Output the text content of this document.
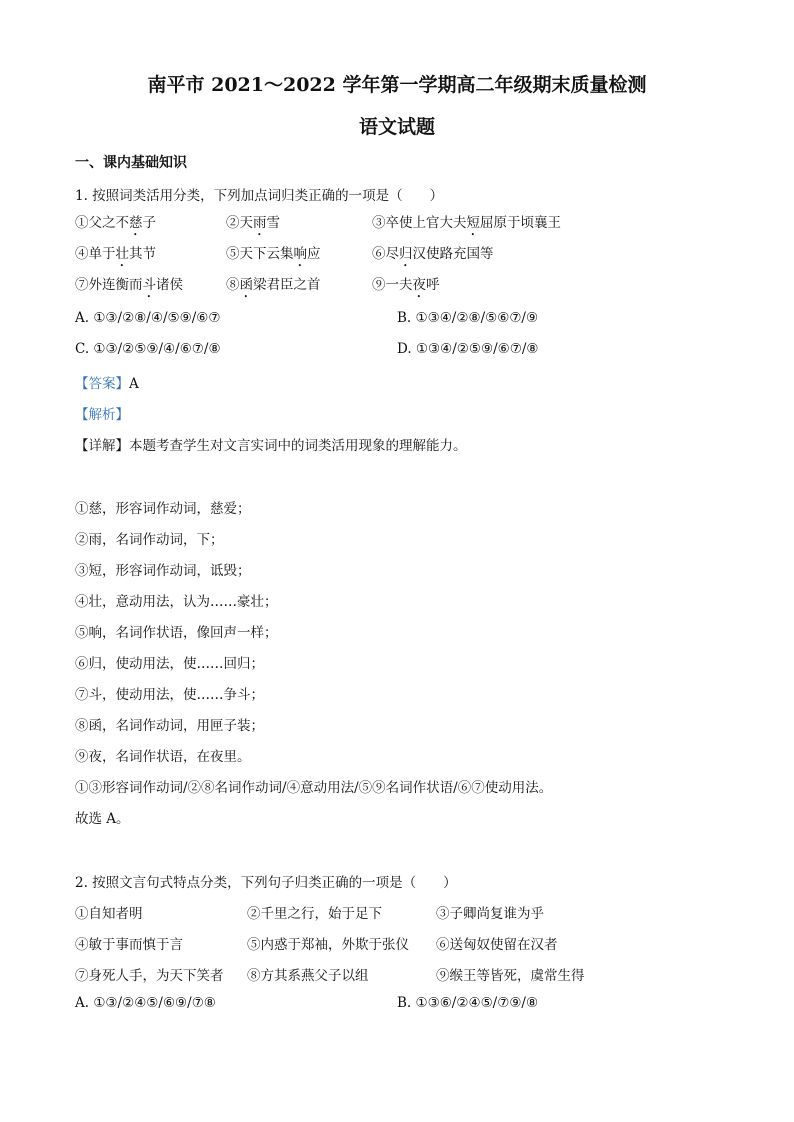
南平市 2021～2022 学年第一学期高二年级期末质量检测
语文试题
一、课内基础知识
1. 按照词类活用分类，下列加点词归类正确的一项是（　　）
①父之不慈子	②天雨雪	③卒使上官大夫短屈原于顷襄王
④单于壮其节	⑤天下云集响应	⑥尽归汉使路充国等
⑦外连衡而斗诸侯	⑧函梁君臣之首	⑨一夫夜呼
A. ①③/②⑧/④/⑤⑨/⑥⑦	B. ①③④/②⑧/⑤⑥⑦/⑨
C. ①③/②⑤⑨/④/⑥⑦/⑧	D. ①③④/②⑤⑨/⑥⑦/⑧
【答案】A
【解析】
【详解】本题考查学生对文言实词中的词类活用现象的理解能力。
①慈，形容词作动词，慈爱；
②雨，名词作动词，下；
③短，形容词作动词，诋毁；
④壮，意动用法，认为……豪壮；
⑤响，名词作状语，像回声一样；
⑥归，使动用法，使……回归；
⑦斗，使动用法，使……争斗；
⑧函，名词作动词，用匣子装；
⑨夜，名词作状语，在夜里。
①③形容词作动词/②⑧名词作动词/④意动用法/⑤⑨名词作状语/⑥⑦使动用法。
故选 A。
2. 按照文言句式特点分类，下列句子归类正确的一项是（　　）
①自知者明	②千里之行，始于足下	③子卿尚复谁为乎
④敏于事而慎于言	⑤内惑于郑袖，外欺于张仪 ⑥送匈奴使留在汉者
⑦身死人手，为天下笑者 ⑧方其系燕父子以组	⑨缑王等皆死，虞常生得
A. ①③/②④⑤/⑥⑨/⑦⑧	B. ①③⑥/②④⑤/⑦⑨/⑧
